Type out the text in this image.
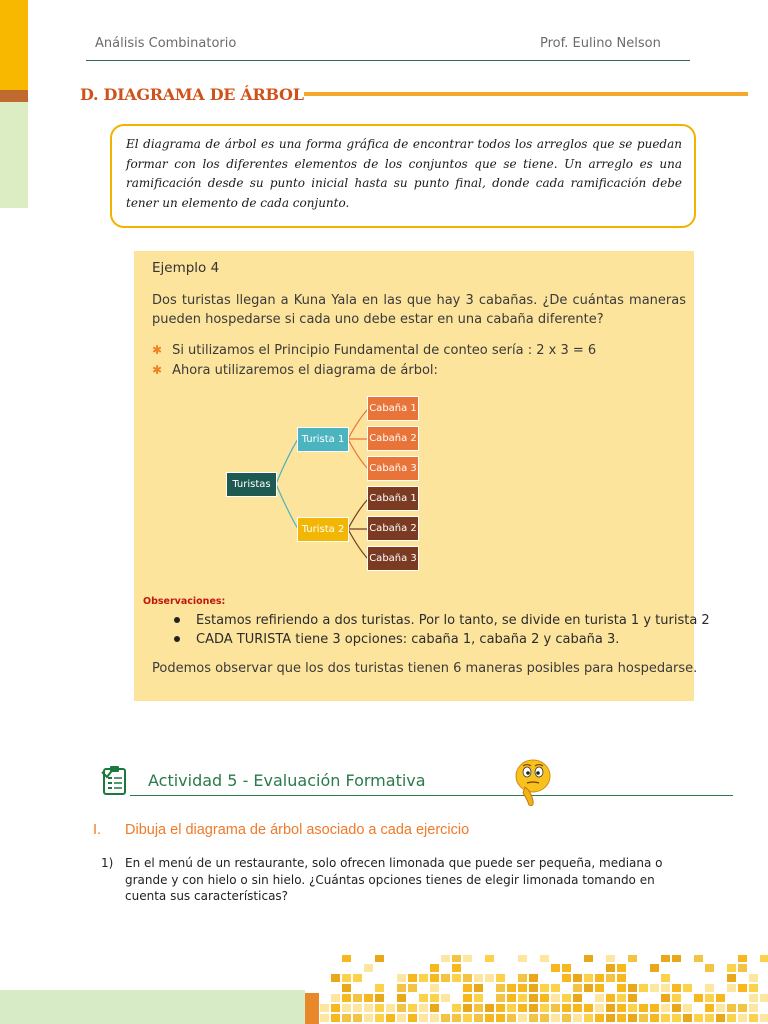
Análisis Combinatorio	Prof. Eulino Nelson
D. DIAGRAMA DE ÁRBOL
El diagrama de árbol es una forma gráfica de encontrar todos los arreglos que se puedan formar con los diferentes elementos de los conjuntos que se tiene. Un arreglo es una ramificación desde su punto inicial hasta su punto final, donde cada ramificación debe tener un elemento de cada conjunto.
Ejemplo 4
Dos turistas llegan a Kuna Yala en las que hay 3 cabañas. ¿De cuántas maneras pueden hospedarse si cada uno debe estar en una cabaña diferente?
✱ Si utilizamos el Principio Fundamental de conteo sería : 2 x 3 = 6
✱ Ahora utilizaremos el diagrama de árbol:
Turistas
Turista 1
Turista 2
Cabaña 1
Cabaña 2
Cabaña 3
Cabaña 1
Cabaña 2
Cabaña 3
Observaciones:
Estamos refiriendo a dos turistas. Por lo tanto, se divide en turista 1 y turista 2
CADA TURISTA tiene 3 opciones: cabaña 1, cabaña 2 y cabaña 3.
Podemos observar que los dos turistas tienen 6 maneras posibles para hospedarse.
Actividad 5 - Evaluación Formativa
I. Dibuja el diagrama de árbol asociado a cada ejercicio
1) En el menú de un restaurante, solo ofrecen limonada que puede ser pequeña, mediana o grande y con hielo o sin hielo. ¿Cuántas opciones tienes de elegir limonada tomando en cuenta sus características?
